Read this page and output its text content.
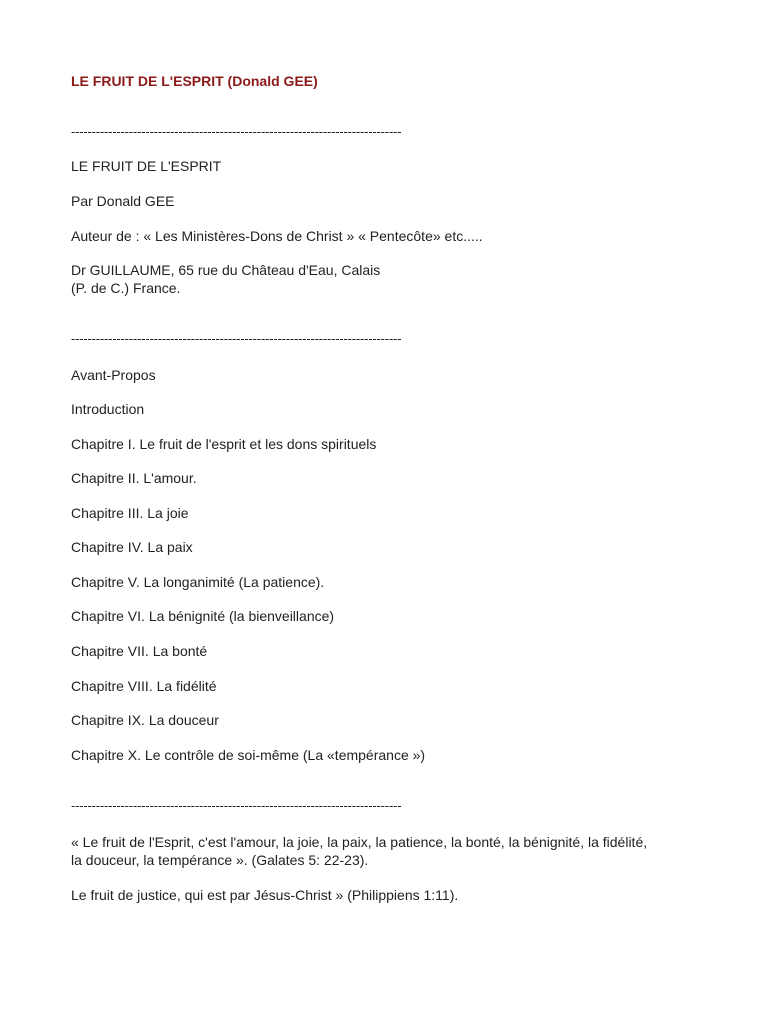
LE FRUIT DE L'ESPRIT (Donald GEE)
--------------------------------------------------------------------------------
LE FRUIT DE L'ESPRIT
Par Donald GEE
Auteur de : « Les Ministères-Dons de Christ » « Pentecôte» etc.....
Dr GUILLAUME, 65 rue du Château d'Eau, Calais
(P. de C.) France.
--------------------------------------------------------------------------------
Avant-Propos
Introduction
Chapitre I. Le fruit de l'esprit et les dons spirituels
Chapitre II. L'amour.
Chapitre III. La joie
Chapitre IV. La paix
Chapitre V. La longanimité (La patience).
Chapitre VI. La bénignité (la bienveillance)
Chapitre VII. La bonté
Chapitre VIII. La fidélité
Chapitre IX. La douceur
Chapitre X. Le contrôle de soi-même (La «tempérance »)
--------------------------------------------------------------------------------
« Le fruit de l'Esprit, c'est l'amour, la joie, la paix, la patience, la bonté, la bénignité, la fidélité,
la douceur, la tempérance ». (Galates 5: 22-23).
Le fruit de justice, qui est par Jésus-Christ » (Philippiens 1:11).
